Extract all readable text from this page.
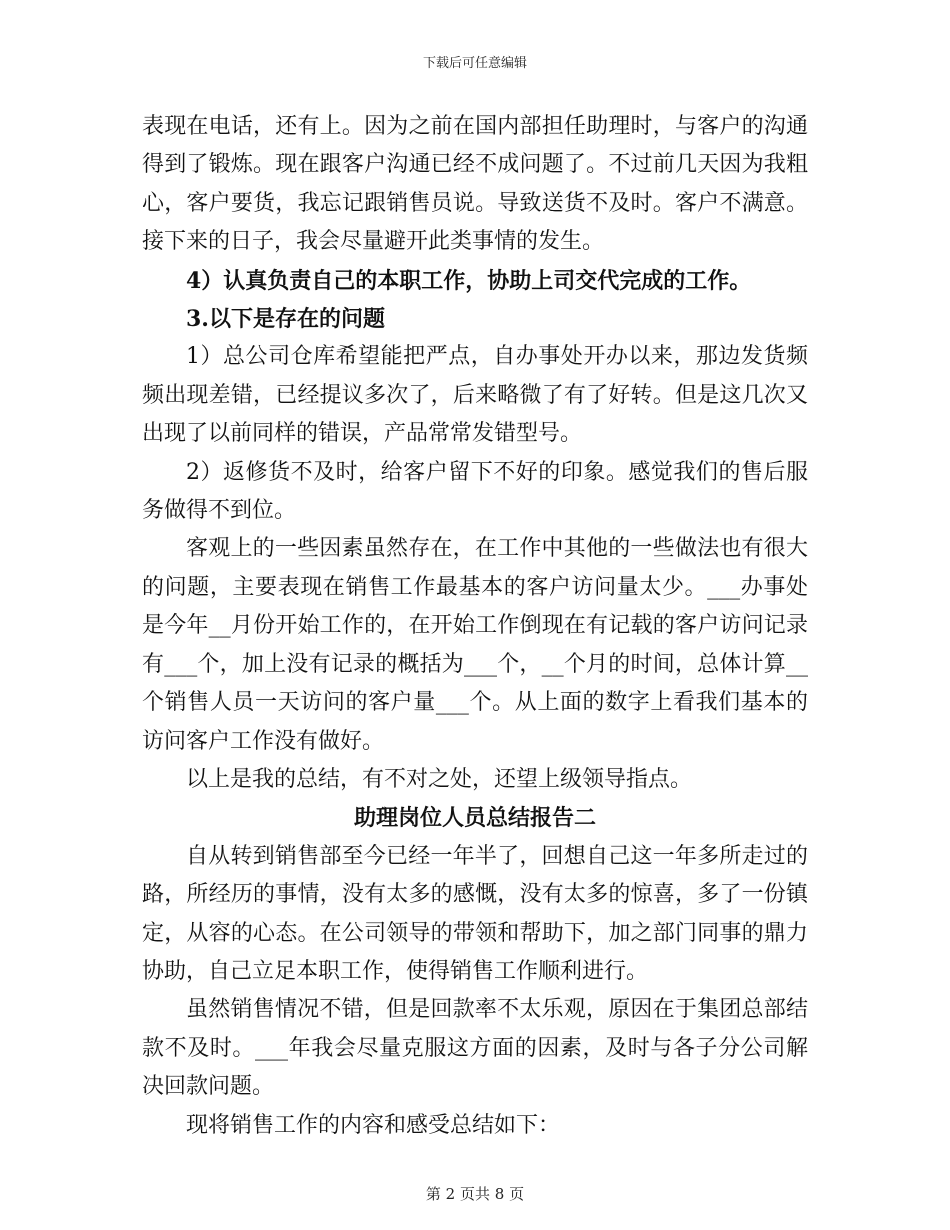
下载后可任意编辑

表现在电话，还有上。因为之前在国内部担任助理时，与客户的沟通得到了锻炼。现在跟客户沟通已经不成问题了。不过前几天因为我粗心，客户要货，我忘记跟销售员说。导致送货不及时。客户不满意。接下来的日子，我会尽量避开此类事情的发生。

4）认真负责自己的本职工作，协助上司交代完成的工作。

3.以下是存在的问题

1）总公司仓库希望能把严点，自办事处开办以来，那边发货频频出现差错，已经提议多次了，后来略微了有了好转。但是这几次又出现了以前同样的错误，产品常常发错型号。

2）返修货不及时，给客户留下不好的印象。感觉我们的售后服务做得不到位。

客观上的一些因素虽然存在，在工作中其他的一些做法也有很大的问题，主要表现在销售工作最基本的客户访问量太少。___办事处是今年__月份开始工作的，在开始工作倒现在有记载的客户访问记录有___个，加上没有记录的概括为___个，__个月的时间，总体计算__个销售人员一天访问的客户量___个。从上面的数字上看我们基本的访问客户工作没有做好。

以上是我的总结，有不对之处，还望上级领导指点。

助理岗位人员总结报告二

自从转到销售部至今已经一年半了，回想自己这一年多所走过的路，所经历的事情，没有太多的感慨，没有太多的惊喜，多了一份镇定，从容的心态。在公司领导的带领和帮助下，加之部门同事的鼎力协助，自己立足本职工作，使得销售工作顺利进行。

虽然销售情况不错，但是回款率不太乐观，原因在于集团总部结款不及时。___年我会尽量克服这方面的因素，及时与各子分公司解决回款问题。

现将销售工作的内容和感受总结如下：

第 2 页共 8 页
